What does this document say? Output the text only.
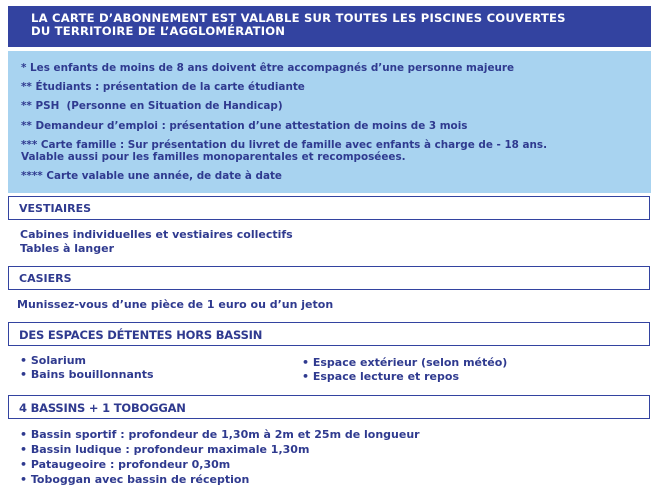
LA CARTE D’ABONNEMENT EST VALABLE SUR TOUTES LES PISCINES COUVERTES
DU TERRITOIRE DE L’AGGLOMÉRATION
* Les enfants de moins de 8 ans doivent être accompagnés d’une personne majeure
** Étudiants : présentation de la carte étudiante
** PSH  (Personne en Situation de Handicap)
** Demandeur d’emploi : présentation d’une attestation de moins de 3 mois
*** Carte famille : Sur présentation du livret de famille avec enfants à charge de - 18 ans.
Valable aussi pour les familles monoparentales et recomposéees.
**** Carte valable une année, de date à date
VESTIAIRES
Cabines individuelles et vestiaires collectifs
Tables à langer
CASIERS
Munissez-vous d’une pièce de 1 euro ou d’un jeton
DES ESPACES DÉTENTES HORS BASSIN
• Solarium
• Bains bouillonnants
• Espace extérieur (selon météo)
• Espace lecture et repos
4 BASSINS + 1 TOBOGGAN
• Bassin sportif : profondeur de 1,30m à 2m et 25m de longueur
• Bassin ludique : profondeur maximale 1,30m
• Pataugeoire : profondeur 0,30m
• Toboggan avec bassin de réception
